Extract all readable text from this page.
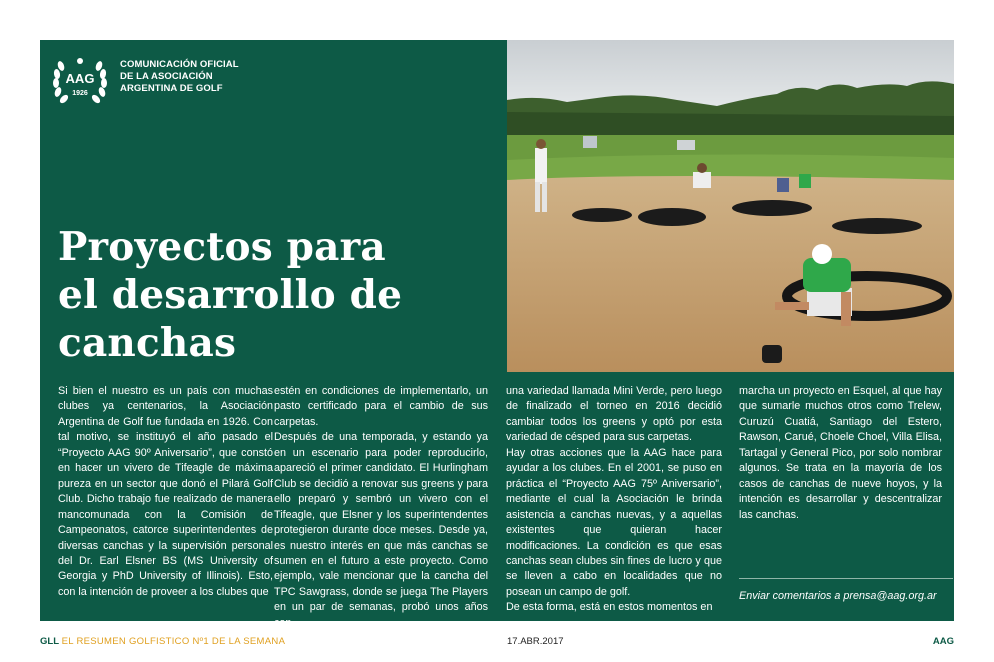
AAG
1926
COMUNICACIÓN OFICIAL
DE LA ASOCIACIÓN
ARGENTINA DE GOLF
Proyectos para
el desarrollo de
canchas

Si bien el nuestro es un país con muchas clubes ya centenarios, la Asociación Argentina de Golf fue fundada en 1926. Con tal motivo, se instituyó el año pasado el “Proyecto AAG 90º Aniversario”, que constó en hacer un vivero de Tifeagle de máxima pureza en un sector que donó el Pilará Golf Club. Dicho trabajo fue realizado de manera mancomunada con la Comisión de Campeonatos, catorce superintendentes de diversas canchas y la supervisión personal del Dr. Earl Elsner BS (MS University of Georgia y PhD University of Illinois). Esto, con la intención de proveer a los clubes que

estén en condiciones de implementarlo, un pasto certificado para el cambio de sus carpetas.

Después de una temporada, y estando ya en un escenario para poder reproducirlo, apareció el primer candidato. El Hurlingham Club se decidió a renovar sus greens y para ello preparó y sembró un vivero con el Tifeagle, que Elsner y los superintendentes protegieron durante doce meses. Desde ya, es nuestro interés en que más canchas se sumen en el futuro a este proyecto. Como ejemplo, vale mencionar que la cancha del TPC Sawgrass, donde se juega The Players en un par de semanas, probó unos años con

una variedad llamada Mini Verde, pero luego de finalizado el torneo en 2016 decidió cambiar todos los greens y optó por esta variedad de césped para sus carpetas.

Hay otras acciones que la AAG hace para ayudar a los clubes. En el 2001, se puso en práctica el “Proyecto AAG 75º Aniversario”, mediante el cual la Asociación le brinda asistencia a canchas nuevas, y a aquellas existentes que quieran hacer modificaciones. La condición es que esas canchas sean clubes sin fines de lucro y que se lleven a cabo en localidades que no posean un campo de golf.

De esta forma, está en estos momentos en

marcha un proyecto en Esquel, al que hay que sumarle muchos otros como Trelew, Curuzú Cuatiá, Santiago del Estero, Rawson, Carué, Choele Choel, Villa Elisa, Tartagal y General Pico, por solo nombrar algunos. Se trata en la mayoría de los casos de canchas de nueve hoyos, y la intención es desarrollar y descentralizar las canchas.

Enviar comentarios a prensa@aag.org.ar
GLL EL RESUMEN GOLFISTICO Nº1 DE LA SEMANA	17.ABR.2017	AAG
